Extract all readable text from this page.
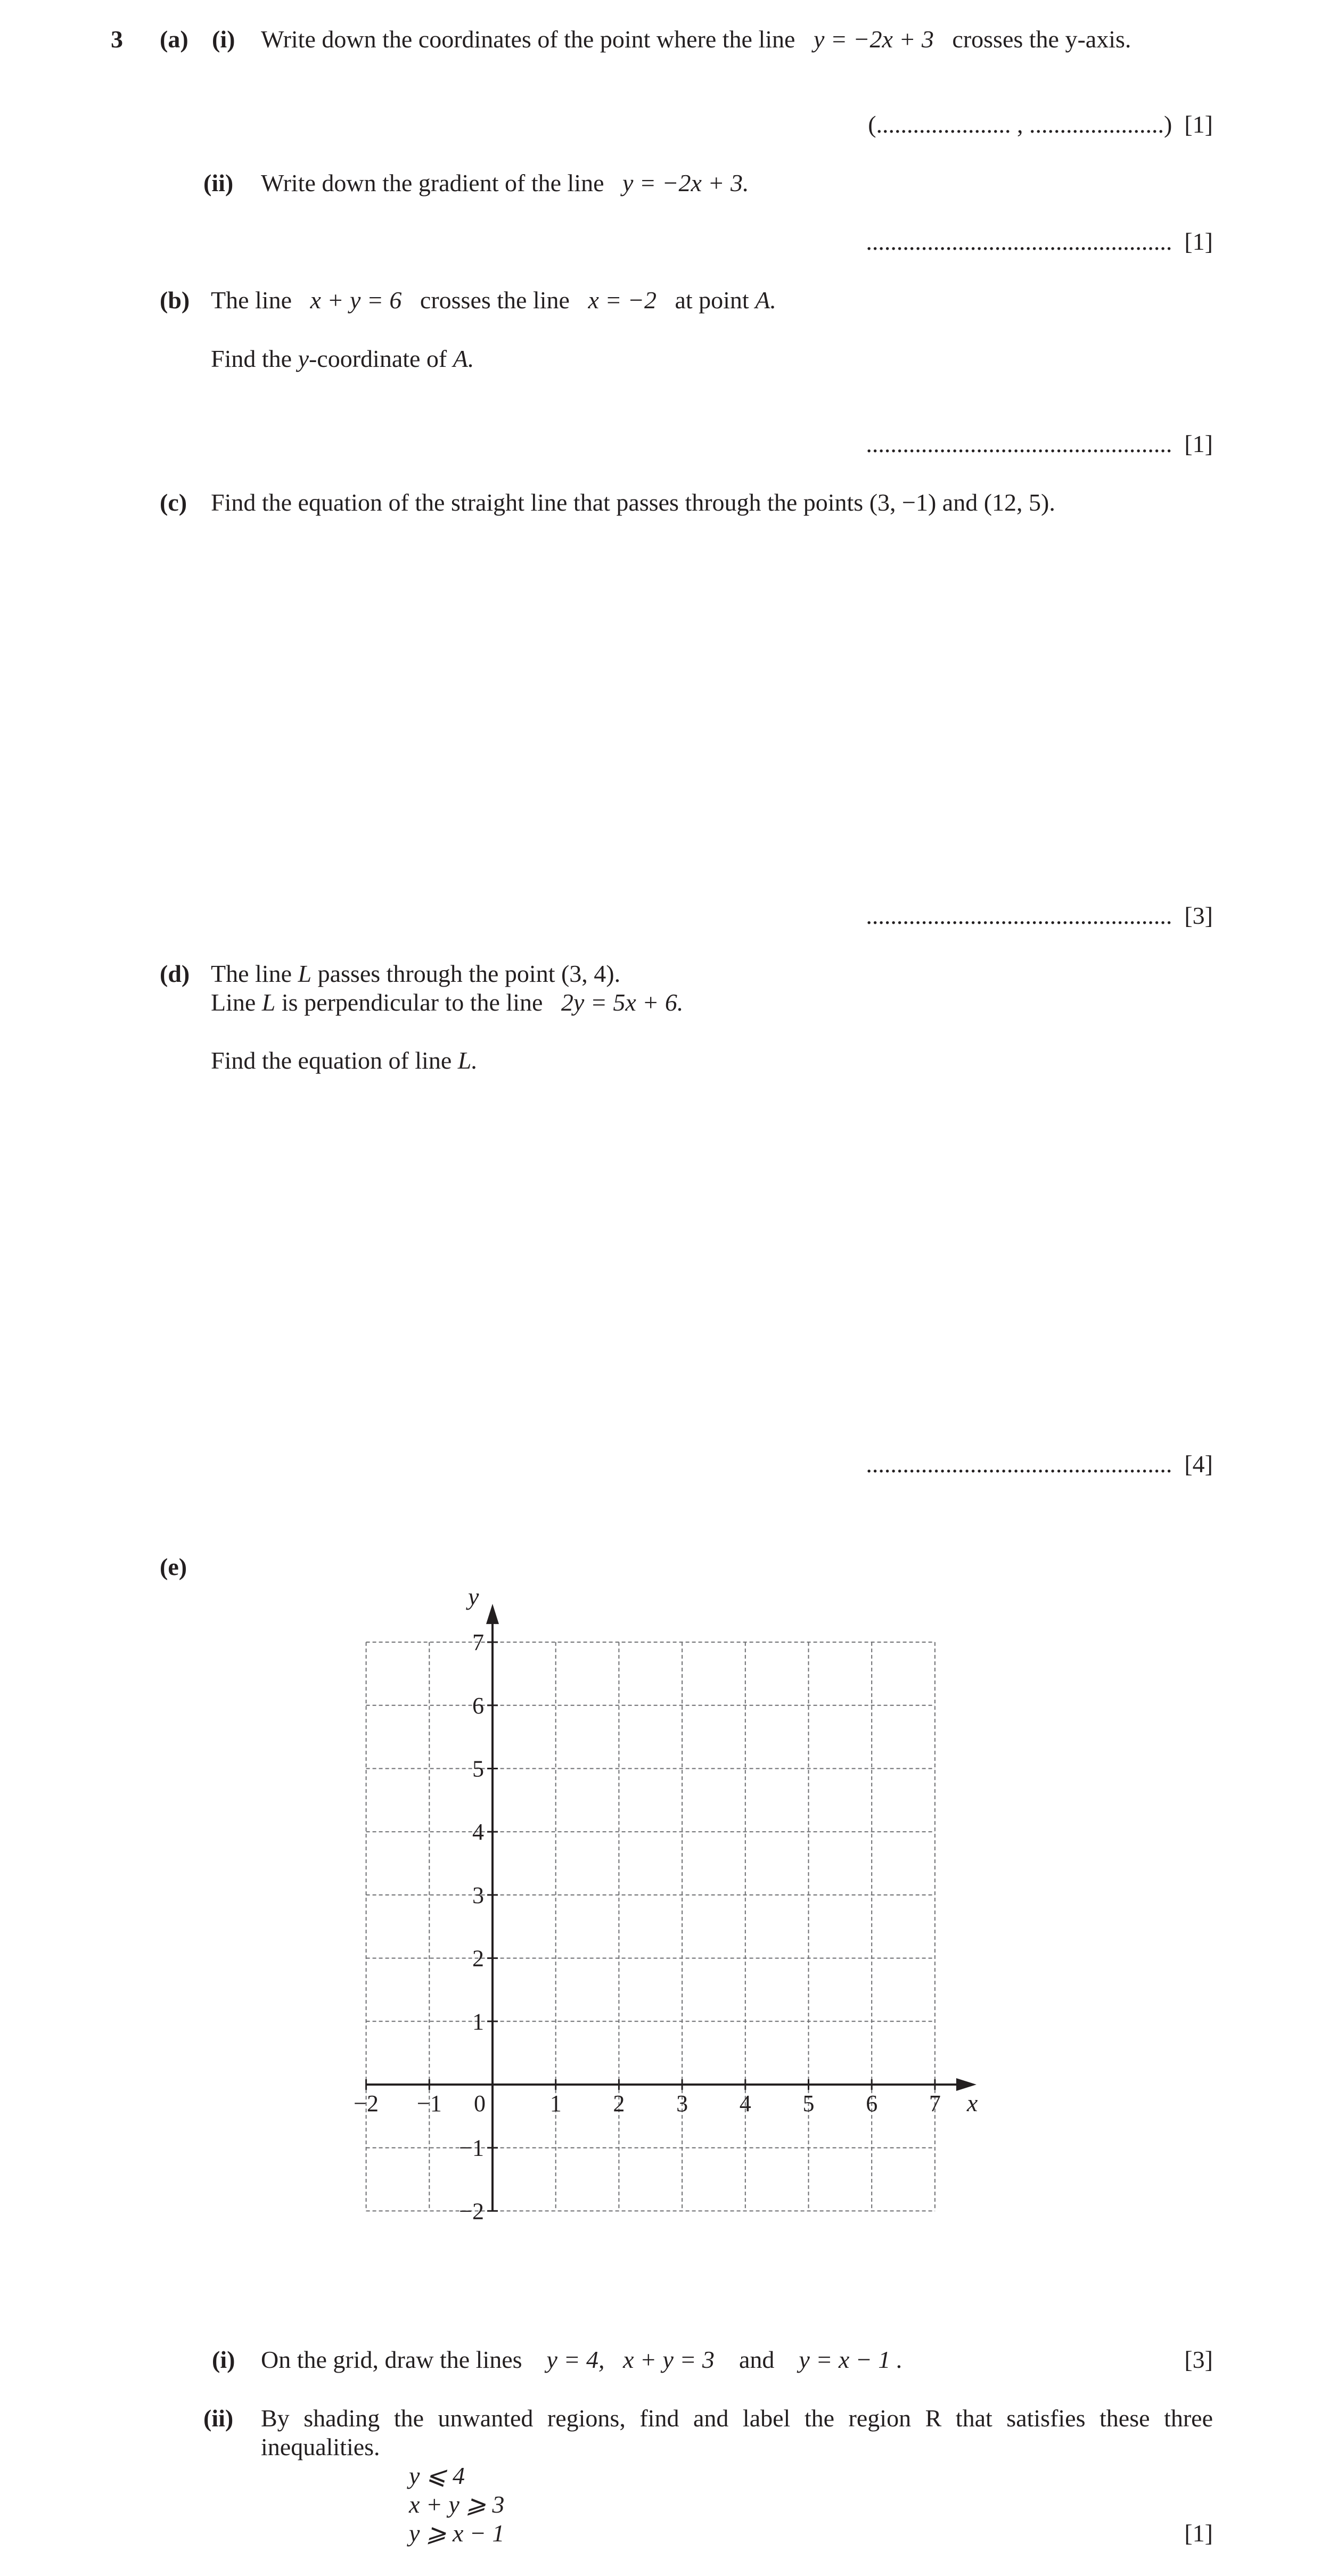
3 (a) (i) Write down the coordinates of the point where the line y = −2x + 3 crosses the y-axis.
(...................... , ......................) [1]
(ii) Write down the gradient of the line y = −2x + 3.
.................................................. [1]
(b) The line x + y = 6 crosses the line x = −2 at point A.
Find the y-coordinate of A.
.................................................. [1]
(c) Find the equation of the straight line that passes through the points (3, −1) and (12, 5).
.................................................. [3]
(d) The line L passes through the point (3, 4).
Line L is perpendicular to the line 2y = 5x + 6.
Find the equation of line L.
.................................................. [4]
(e)
−2 −1	1 2 3 4 5 6 7
7
6
5
4
3
2
1
−1
−2
x
y
0
(i) On the grid, draw the lines y = 4, x + y = 3 and y = x − 1 .	[3]
(ii) By shading the unwanted regions, find and label the region R that satisfies these three
inequalities.
y ⩽ 4
x + y ⩾ 3
y ⩾ x − 1	[1]
